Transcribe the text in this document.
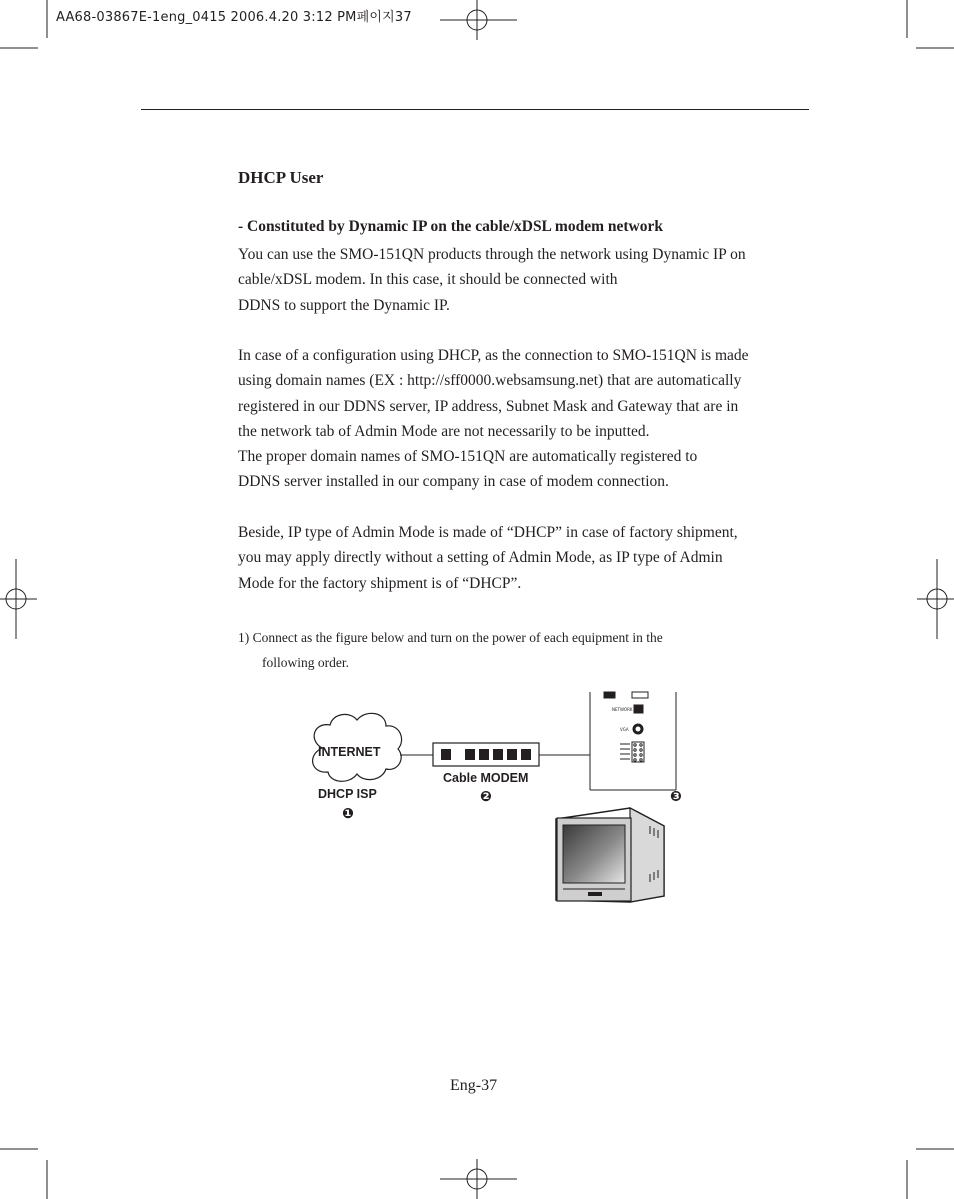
AA68-03867E-1eng_0415 2006.4.20 3:12 PM페이지37
DHCP User
- Constituted by Dynamic IP on the cable/xDSL modem network
You can use the SMO-151QN products through the network using Dynamic IP on
cable/xDSL modem. In this case, it should be connected with
DDNS to support the Dynamic IP.
In case of a configuration using DHCP, as the connection to SMO-151QN is made
using domain names (EX : http://sff0000.websamsung.net) that are automatically
registered in our DDNS server, IP address, Subnet Mask and Gateway that are in
the network tab of Admin Mode are not necessarily to be inputted.
The proper domain names of SMO-151QN are automatically registered to
DDNS server installed in our company in case of modem connection.
Beside, IP type of Admin Mode is made of “DHCP” in case of factory shipment,
you may apply directly without a setting of Admin Mode, as IP type of Admin
Mode for the factory shipment is of “DHCP”.
1) Connect as the figure below and turn on the power of each equipment in the
following order.
NETWORK
VGA
INTERNET
DHCP ISP
❶
Cable MODEM
❷	❸
Eng-37
